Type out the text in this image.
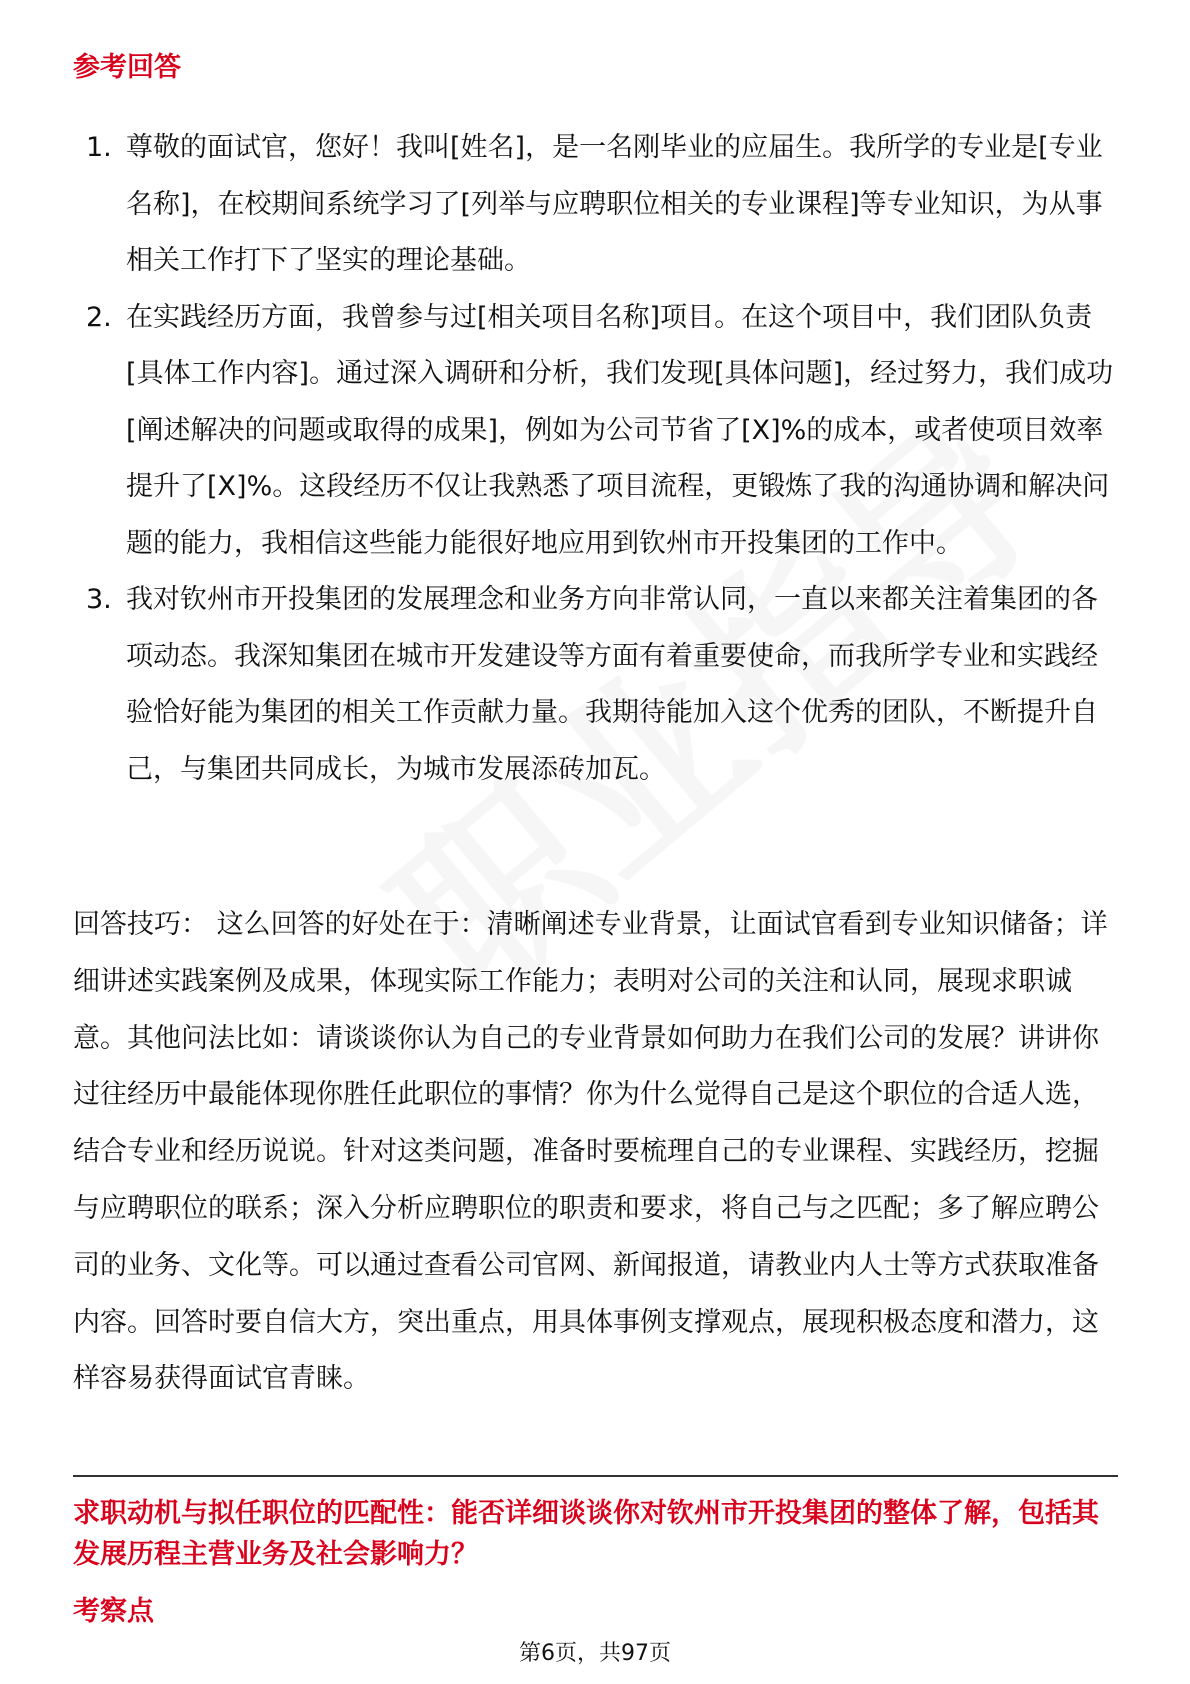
参考回答
1. 尊敬的面试官，您好！我叫[姓名]，是一名刚毕业的应届生。我所学的专业是[专业名称]，在校期间系统学习了[列举与应聘职位相关的专业课程]等专业知识，为从事相关工作打下了坚实的理论基础。
2. 在实践经历方面，我曾参与过[相关项目名称]项目。在这个项目中，我们团队负责[具体工作内容]。通过深入调研和分析，我们发现[具体问题]，经过努力，我们成功[阐述解决的问题或取得的成果]，例如为公司节省了[X]%的成本，或者使项目效率提升了[X]%。这段经历不仅让我熟悉了项目流程，更锻炼了我的沟通协调和解决问题的能力，我相信这些能力能很好地应用到钦州市开投集团的工作中。
3. 我对钦州市开投集团的发展理念和业务方向非常认同，一直以来都关注着集团的各项动态。我深知集团在城市开发建设等方面有着重要使命，而我所学专业和实践经验恰好能为集团的相关工作贡献力量。我期待能加入这个优秀的团队，不断提升自己，与集团共同成长，为城市发展添砖加瓦。

回答技巧： 这么回答的好处在于：清晰阐述专业背景，让面试官看到专业知识储备；详细讲述实践案例及成果，体现实际工作能力；表明对公司的关注和认同，展现求职诚意。其他问法比如：请谈谈你认为自己的专业背景如何助力在我们公司的发展？讲讲你过往经历中最能体现你胜任此职位的事情？你为什么觉得自己是这个职位的合适人选，结合专业和经历说说。针对这类问题，准备时要梳理自己的专业课程、实践经历，挖掘与应聘职位的联系；深入分析应聘职位的职责和要求，将自己与之匹配；多了解应聘公司的业务、文化等。可以通过查看公司官网、新闻报道，请教业内人士等方式获取准备内容。回答时要自信大方，突出重点，用具体事例支撑观点，展现积极态度和潜力，这样容易获得面试官青睐。

求职动机与拟任职位的匹配性：能否详细谈谈你对钦州市开投集团的整体了解，包括其发展历程主营业务及社会影响力？

考察点
第6页，共97页
